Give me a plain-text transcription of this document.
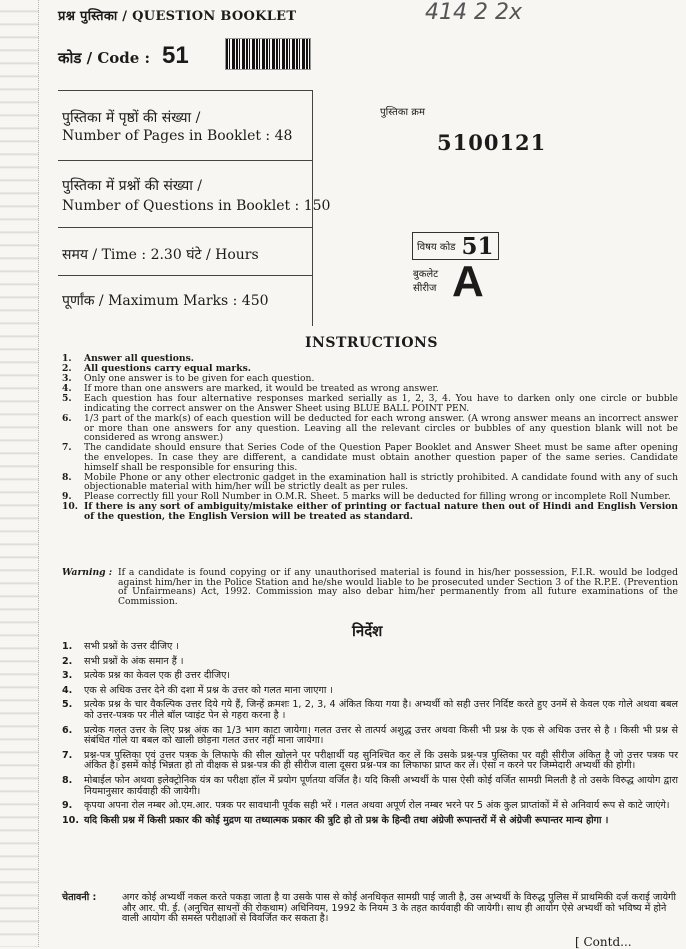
प्रश्न पुस्तिका / QUESTION BOOKLET	414 2 2x
कोड / Code : 51
पुस्तिका में पृष्ठों की संख्या /
Number of Pages in Booklet : 48
पुस्तिका में प्रश्नों की संख्या /
Number of Questions in Booklet : 150
समय / Time : 2.30 घंटे / Hours
पूर्णांक / Maximum Marks : 450
पुस्तिका क्रम
5100121
विषय कोड 51
बुकलेट सीरीज A
INSTRUCTIONS
1.	Answer all questions.
2.	All questions carry equal marks.
3.	Only one answer is to be given for each question.
4.	If more than one answers are marked, it would be treated as wrong answer.
5.	Each question has four alternative responses marked serially as 1, 2, 3, 4. You have to darken only one circle or bubble indicating the correct answer on the Answer Sheet using BLUE BALL POINT PEN.
6.	1/3 part of the mark(s) of each question will be deducted for each wrong answer. (A wrong answer means an incorrect answer or more than one answers for any question. Leaving all the relevant circles or bubbles of any question blank will not be considered as wrong answer.)
7.	The candidate should ensure that Series Code of the Question Paper Booklet and Answer Sheet must be same after opening the envelopes. In case they are different, a candidate must obtain another question paper of the same series. Candidate himself shall be responsible for ensuring this.
8.	Mobile Phone or any other electronic gadget in the examination hall is strictly prohibited. A candidate found with any of such objectionable material with him/her will be strictly dealt as per rules.
9.	Please correctly fill your Roll Number in O.M.R. Sheet. 5 marks will be deducted for filling wrong or incomplete Roll Number.
10. If there is any sort of ambiguity/mistake either of printing or factual nature then out of Hindi and English Version of the question, the English Version will be treated as standard.
Warning : If a candidate is found copying or if any unauthorised material is found in his/her possession, F.I.R. would be lodged against him/her in the Police Station and he/she would liable to be prosecuted under Section 3 of the R.P.E. (Prevention of Unfairmeans) Act, 1992. Commission may also debar him/her permanently from all future examinations of the Commission.
निर्देश
1.	सभी प्रश्नों के उत्तर दीजिए ।
2.	सभी प्रश्नों के अंक समान हैं ।
3.	प्रत्येक प्रश्न का केवल एक ही उत्तर दीजिए।
4.	एक से अधिक उत्तर देने की दशा में प्रश्न के उत्तर को गलत माना जाएगा ।
5.	प्रत्येक प्रश्न के चार वैकल्पिक उत्तर दिये गये हैं, जिन्हें क्रमशः 1, 2, 3, 4 अंकित किया गया है। अभ्यर्थी को सही उत्तर निर्दिष्ट करते हुए उनमें से केवल एक गोले अथवा बबल को उत्तर-पत्रक पर नीले बॉल प्वाइंट पेन से गहरा करना है ।
6.	प्रत्येक गलत उत्तर के लिए प्रश्न अंक का 1/3 भाग काटा जायेगा। गलत उत्तर से तात्पर्य अशुद्ध उत्तर अथवा किसी भी प्रश्न के एक से अधिक उत्तर से है । किसी भी प्रश्न से संबंधित गोले या बबल को खाली छोड़ना गलत उत्तर नहीं माना जायेगा।
7.	प्रश्न-पत्र पुस्तिका एवं उत्तर पत्रक के लिफाफे की सील खोलने पर परीक्षार्थी यह सुनिश्चित कर लें कि उसके प्रश्न-पत्र पुस्तिका पर वही सीरीज अंकित है जो उत्तर पत्रक पर अंकित है। इसमें कोई भिन्नता हो तो वीक्षक से प्रश्न-पत्र की ही सीरीज वाला दूसरा प्रश्न-पत्र का लिफाफा प्राप्त कर लें। ऐसा न करने पर जिम्मेदारी अभ्यर्थी की होगी।
8.	मोबाईल फोन अथवा इलेक्ट्रोनिक यंत्र का परीक्षा हॉल में प्रयोग पूर्णतया वर्जित है। यदि किसी अभ्यर्थी के पास ऐसी कोई वर्जित सामग्री मिलती है तो उसके विरुद्ध आयोग द्वारा नियमानुसार कार्यवाही की जायेगी।
9.	कृपया अपना रोल नम्बर ओ.एम.आर. पत्रक पर सावधानी पूर्वक सही भरें । गलत अथवा अपूर्ण रोल नम्बर भरने पर 5 अंक कुल प्राप्तांकों में से अनिवार्य रूप से काटे जाएंगे।
10. यदि किसी प्रश्न में किसी प्रकार की कोई मुद्रण या तथ्यात्मक प्रकार की त्रुटि हो तो प्रश्न के हिन्दी तथा अंग्रेजी रूपान्तरों में से अंग्रेजी रूपान्तर मान्य होगा ।
चेतावनी :	अगर कोई अभ्यर्थी नकल करते पकड़ा जाता है या उसके पास से कोई अनधिकृत सामग्री पाई जाती है, उस अभ्यर्थी के विरुद्ध पुलिस में प्राथमिकी दर्ज कराई जायेगी और आर. पी. ई. (अनुचित साधनों की रोकथाम) अधिनियम, 1992 के नियम 3 के तहत कार्यवाही की जायेगी। साथ ही आयोग ऐसे अभ्यर्थी को भविष्य में होने वाली आयोग की समस्त परीक्षाओं से विवर्जित कर सकता है।
[ Contd...
